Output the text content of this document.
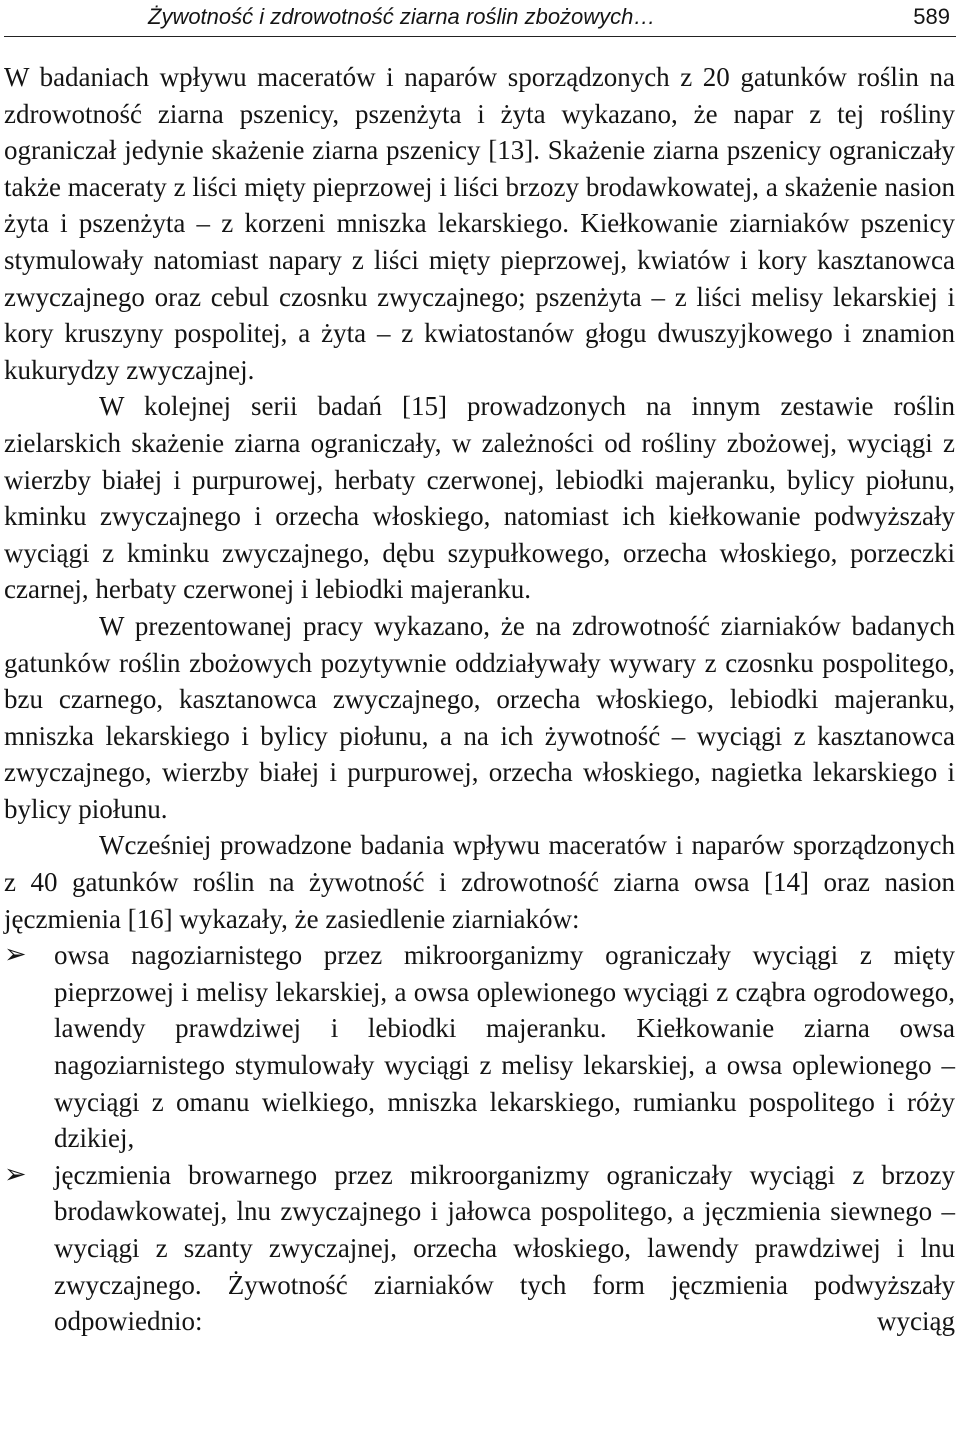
Żywotność i zdrowotność ziarna roślin zbożowych…	589

W badaniach wpływu maceratów i naparów sporządzonych z 20 gatunków roślin na zdrowotność ziarna pszenicy, pszenżyta i żyta wykazano, że napar z tej rośliny ograniczał jedynie skażenie ziarna pszenicy [13]. Skażenie ziarna pszenicy ograniczały także maceraty z liści mięty pieprzowej i liści brzozy brodawkowatej, a skażenie nasion żyta i pszenżyta – z korzeni mniszka lekarskiego. Kiełkowanie ziarniaków pszenicy stymulowały natomiast napary z liści mięty pieprzowej, kwiatów i kory kasztanowca zwyczajnego oraz cebul czosnku zwyczajnego; pszenżyta – z liści melisy lekarskiej i kory kruszyny pospolitej, a żyta – z kwiatostanów głogu dwuszyjkowego i znamion kukurydzy zwyczajnej.

W kolejnej serii badań [15] prowadzonych na innym zestawie roślin zielarskich skażenie ziarna ograniczały, w zależności od rośliny zbożowej, wyciągi z wierzby białej i purpurowej, herbaty czerwonej, lebiodki majeranku, bylicy piołunu, kminku zwyczajnego i orzecha włoskiego, natomiast ich kiełkowanie podwyższały wyciągi z kminku zwyczajnego, dębu szypułkowego, orzecha włoskiego, porzeczki czarnej, herbaty czerwonej i lebiodki majeranku.

W prezentowanej pracy wykazano, że na zdrowotność ziarniaków badanych gatunków roślin zbożowych pozytywnie oddziaływały wywary z czosnku pospolitego, bzu czarnego, kasztanowca zwyczajnego, orzecha włoskiego, lebiodki majeranku, mniszka lekarskiego i bylicy piołunu, a na ich żywotność – wyciągi z kasztanowca zwyczajnego, wierzby białej i purpurowej, orzecha włoskiego, nagietka lekarskiego i bylicy piołunu.

Wcześniej prowadzone badania wpływu maceratów i naparów sporządzonych z 40 gatunków roślin na żywotność i zdrowotność ziarna owsa [14] oraz nasion jęczmienia [16] wykazały, że zasiedlenie ziarniaków:

➢	owsa nagoziarnistego przez mikroorganizmy ograniczały wyciągi z mięty pieprzowej i melisy lekarskiej, a owsa oplewionego wyciągi z cząbra ogrodowego, lawendy prawdziwej i lebiodki majeranku. Kiełkowanie ziarna owsa nagoziarnistego stymulowały wyciągi z melisy lekarskiej, a owsa oplewionego – wyciągi z omanu wielkiego, mniszka lekarskiego, rumianku pospolitego i róży dzikiej,
➢	jęczmienia browarnego przez mikroorganizmy ograniczały wyciągi z brzozy brodawkowatej, lnu zwyczajnego i jałowca pospolitego, a jęczmienia siewnego – wyciągi z szanty zwyczajnej, orzecha włoskiego, lawendy prawdziwej i lnu zwyczajnego. Żywotność ziarniaków tych form jęczmienia podwyższały odpowiednio: wyciąg
